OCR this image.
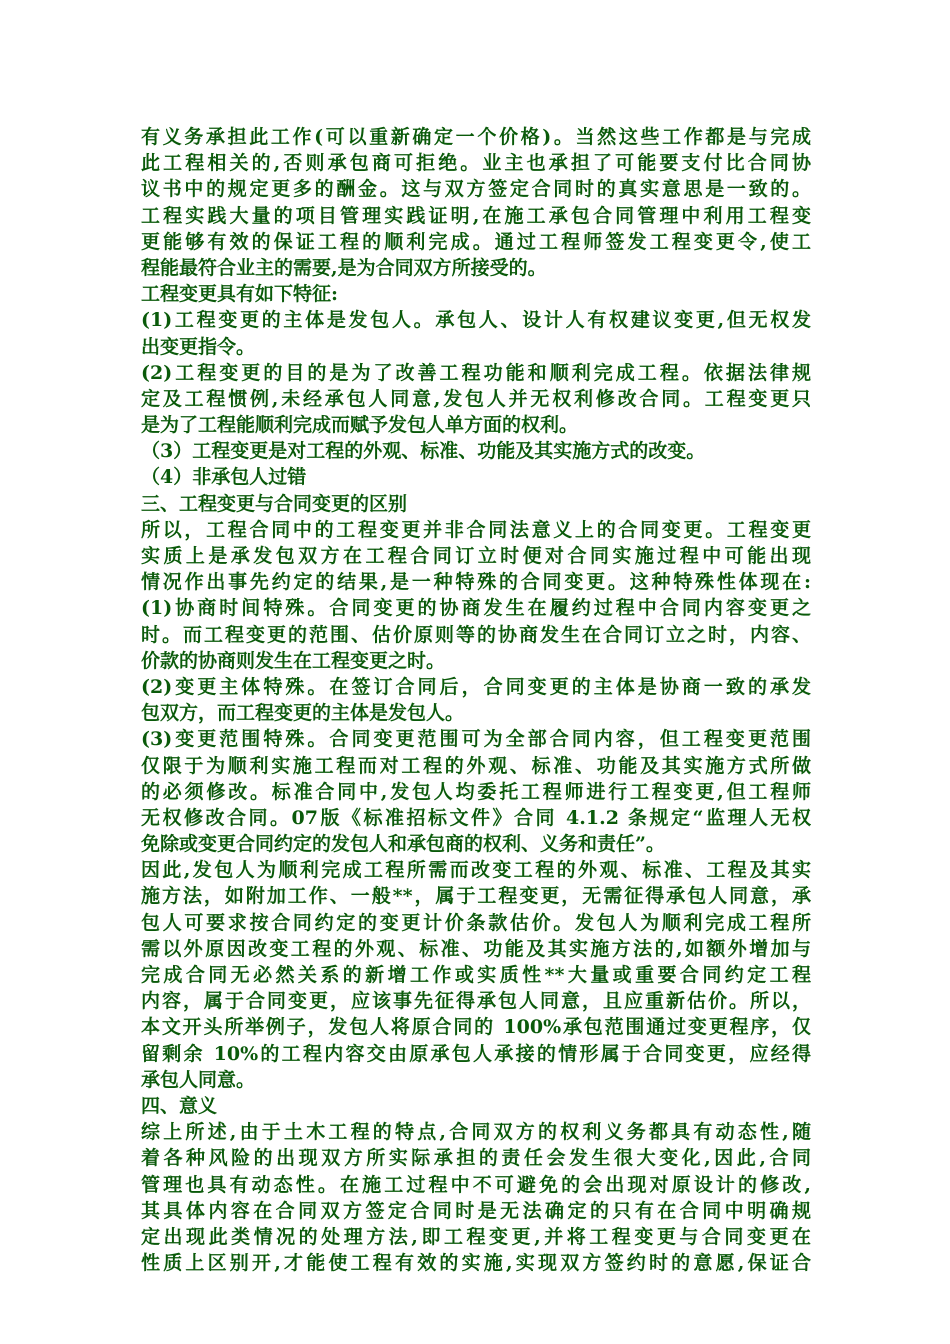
有义务承担此工作(可以重新确定一个价格)。当然这些工作都是与完成
此工程相关的,否则承包商可拒绝。业主也承担了可能要支付比合同协
议书中的规定更多的酬金。这与双方签定合同时的真实意思是一致的。
工程实践大量的项目管理实践证明,在施工承包合同管理中利用工程变
更能够有效的保证工程的顺利完成。通过工程师签发工程变更令,使工
程能最符合业主的需要,是为合同双方所接受的。
工程变更具有如下特征:
(1)工程变更的主体是发包人。承包人、设计人有权建议变更,但无权发
出变更指令。
(2)工程变更的目的是为了改善工程功能和顺利完成工程。依据法律规
定及工程惯例,未经承包人同意,发包人并无权利修改合同。工程变更只
是为了工程能顺利完成而赋予发包人单方面的权利。
（3）工程变更是对工程的外观、标准、功能及其实施方式的改变。
（4）非承包人过错
三、工程变更与合同变更的区别
所以，工程合同中的工程变更并非合同法意义上的合同变更。工程变更
实质上是承发包双方在工程合同订立时便对合同实施过程中可能出现
情况作出事先约定的结果,是一种特殊的合同变更。这种特殊性体现在:
(1)协商时间特殊。合同变更的协商发生在履约过程中合同内容变更之
时。而工程变更的范围、估价原则等的协商发生在合同订立之时，内容、
价款的协商则发生在工程变更之时。
(2)变更主体特殊。在签订合同后，合同变更的主体是协商一致的承发
包双方，而工程变更的主体是发包人。
(3)变更范围特殊。合同变更范围可为全部合同内容，但工程变更范围
仅限于为顺利实施工程而对工程的外观、标准、功能及其实施方式所做
的必须修改。标准合同中,发包人均委托工程师进行工程变更,但工程师
无权修改合同。07版《标准招标文件》合同 4.1.2 条规定“监理人无权
免除或变更合同约定的发包人和承包商的权利、义务和责任”。
因此,发包人为顺利完成工程所需而改变工程的外观、标准、工程及其实
施方法，如附加工作、一般**，属于工程变更，无需征得承包人同意，承
包人可要求按合同约定的变更计价条款估价。发包人为顺利完成工程所
需以外原因改变工程的外观、标准、功能及其实施方法的,如额外增加与
完成合同无必然关系的新增工作或实质性**大量或重要合同约定工程
内容，属于合同变更，应该事先征得承包人同意，且应重新估价。所以，
本文开头所举例子，发包人将原合同的 100%承包范围通过变更程序，仅
留剩余 10%的工程内容交由原承包人承接的情形属于合同变更，应经得
承包人同意。
四、意义
综上所述,由于土木工程的特点,合同双方的权利义务都具有动态性,随
着各种风险的出现双方所实际承担的责任会发生很大变化,因此,合同
管理也具有动态性。在施工过程中不可避免的会出现对原设计的修改,
其具体内容在合同双方签定合同时是无法确定的只有在合同中明确规
定出现此类情况的处理方法,即工程变更,并将工程变更与合同变更在
性质上区别开,才能使工程有效的实施,实现双方签约时的意愿,保证合
